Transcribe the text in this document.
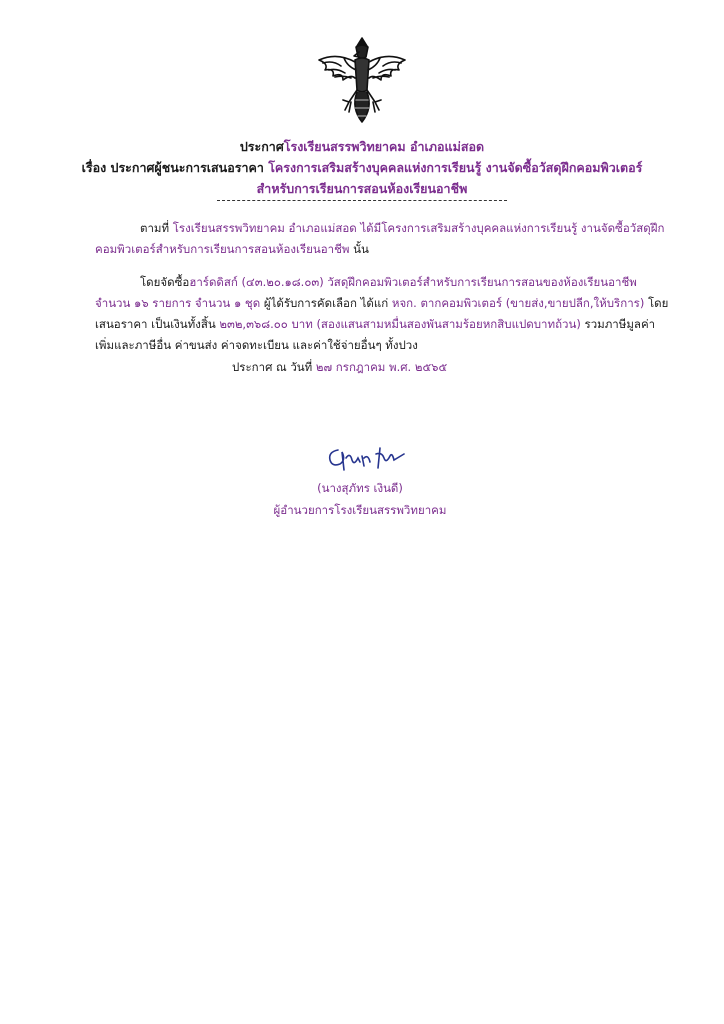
ประกาศโรงเรียนสรรพวิทยาคม อำเภอแม่สอด
เรื่อง ประกาศผู้ชนะการเสนอราคา โครงการเสริมสร้างบุคคลแห่งการเรียนรู้ งานจัดซื้อวัสดุฝึกคอมพิวเตอร์
สำหรับการเรียนการสอนห้องเรียนอาชีพ
ตามที่ โรงเรียนสรรพวิทยาคม อำเภอแม่สอด ได้มีโครงการเสริมสร้างบุคคลแห่งการเรียนรู้ งานจัดซื้อวัสดุฝึกคอมพิวเตอร์สำหรับการเรียนการสอนห้องเรียนอาชีพ นั้น
โดยจัดซื้อฮาร์ดดิสก์ (๔๓.๒๐.๑๘.๐๓) วัสดุฝึกคอมพิวเตอร์สำหรับการเรียนการสอนของห้องเรียนอาชีพ จำนวน ๑๖ รายการ จำนวน ๑ ชุด ผู้ได้รับการคัดเลือก ได้แก่ หจก. ตากคอมพิวเตอร์ (ขายส่ง,ขายปลีก,ให้บริการ) โดยเสนอราคา เป็นเงินทั้งสิ้น ๒๓๒,๓๖๘.๐๐ บาท (สองแสนสามหมื่นสองพันสามร้อยหกสิบแปดบาทถ้วน) รวมภาษีมูลค่าเพิ่มและภาษีอื่น ค่าขนส่ง ค่าจดทะเบียน และค่าใช้จ่ายอื่นๆ ทั้งปวง
ประกาศ ณ วันที่ ๒๗ กรกฎาคม พ.ศ. ๒๕๖๕
(นางสุภัทร เงินดี)
ผู้อำนวยการโรงเรียนสรรพวิทยาคม
